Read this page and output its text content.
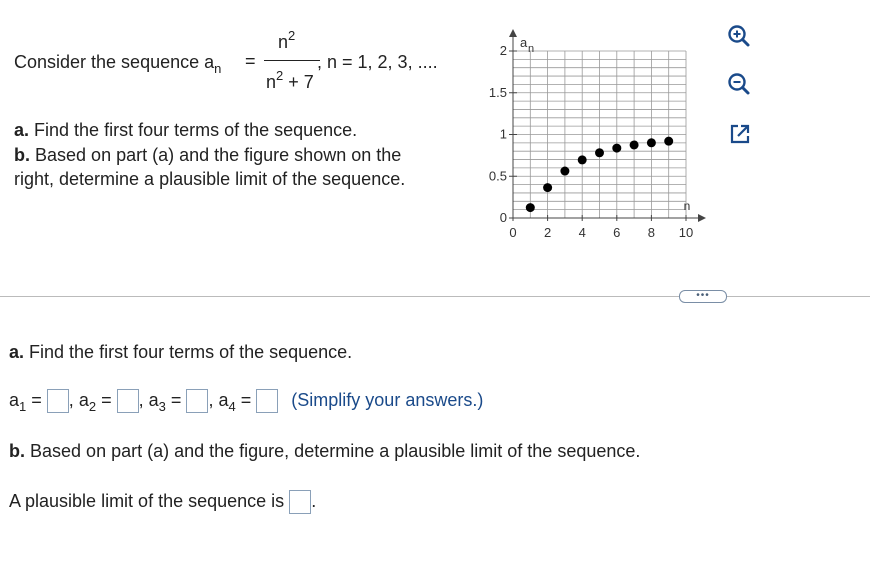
Consider the sequence $a_n$ =
$n^2$
$n^2 + 7$
, n = 1, 2, 3, ....
a. Find the first four terms of the sequence.
b. Based on part (a) and the figure shown on the
right, determine a plausible limit of the sequence.
a n
n
0 2 4 6 8 10
0
0.5
1
1.5
2
•••
a. Find the first four terms of the sequence.
$a_1$ = , $a_2$ = , $a_3$ = , $a_4$ = (Simplify your answers.)
b. Based on part (a) and the figure, determine a plausible limit of the sequence.
A plausible limit of the sequence is .
